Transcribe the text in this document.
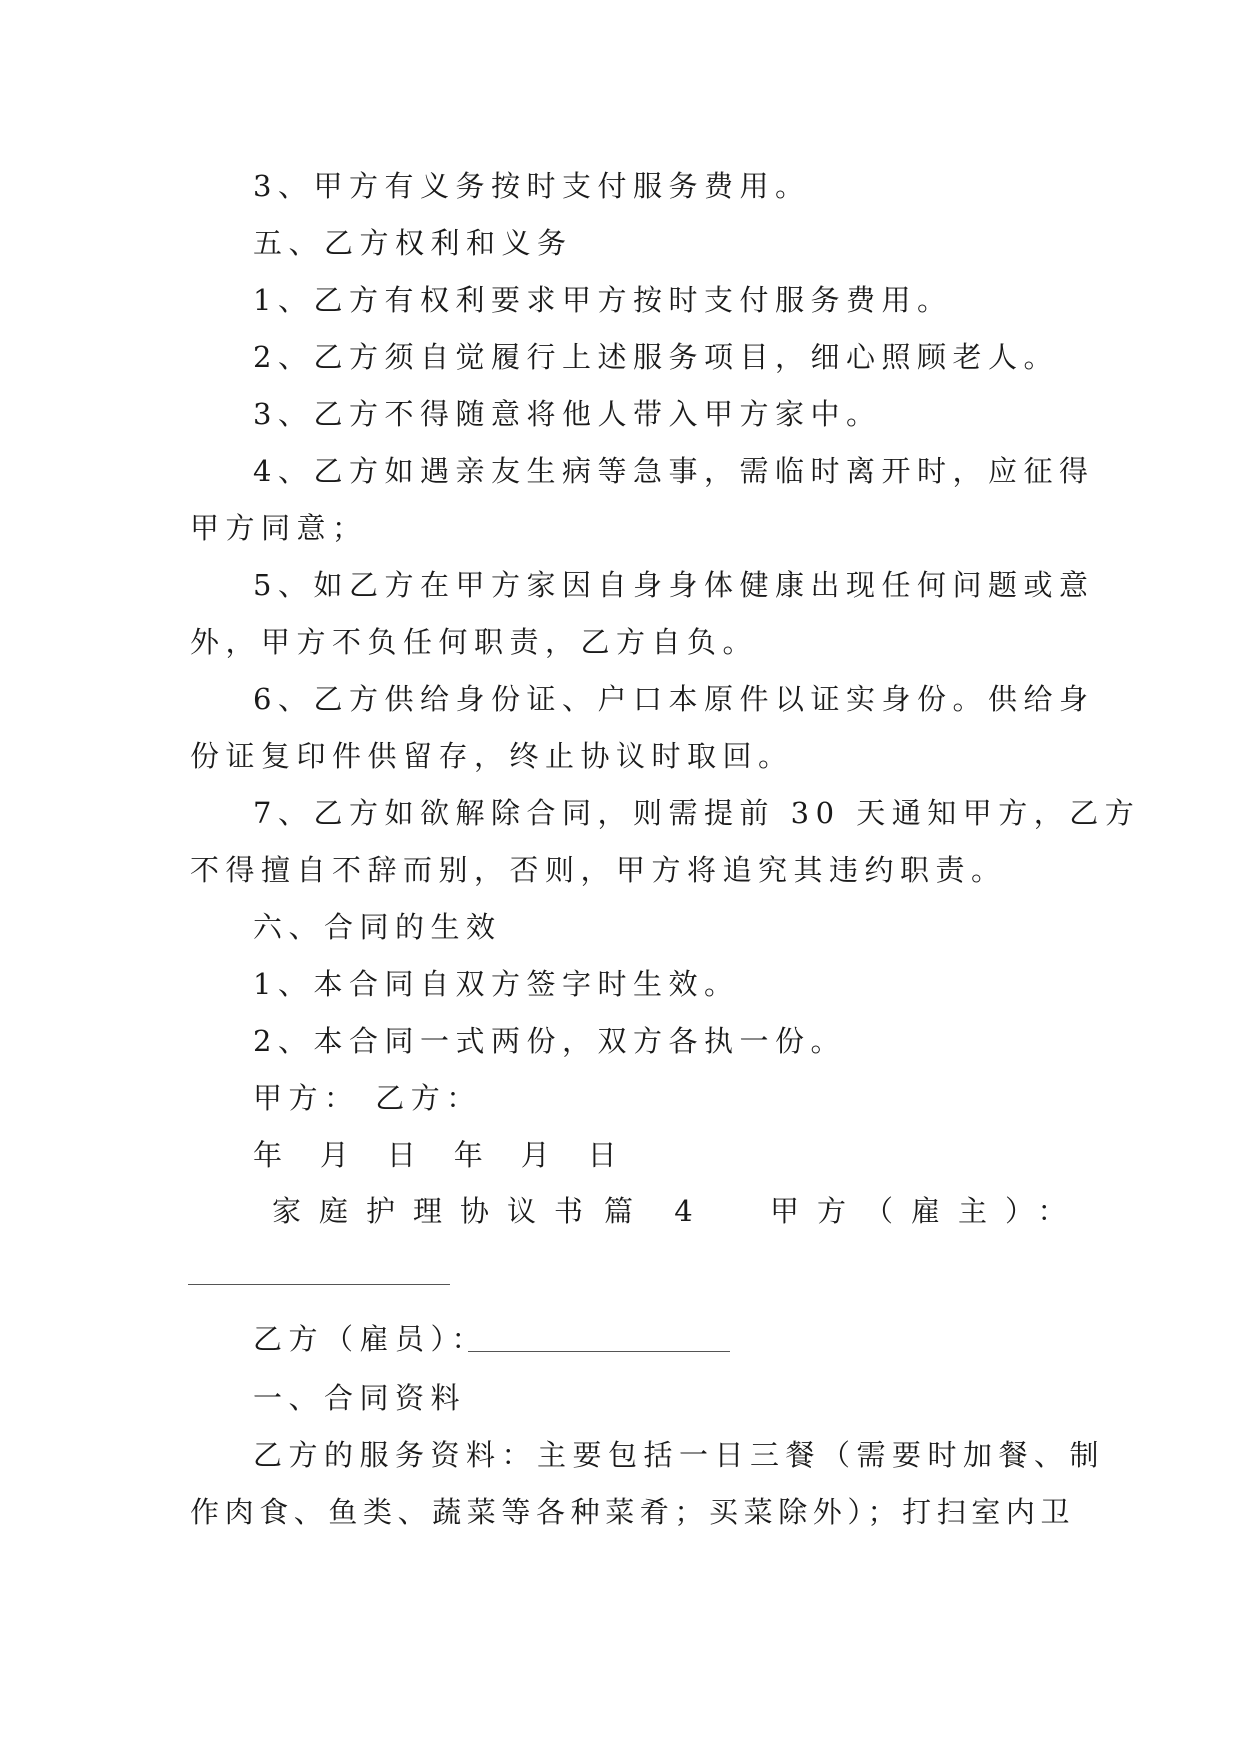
3、甲方有义务按时支付服务费用。
五、乙方权利和义务
1、乙方有权利要求甲方按时支付服务费用。
2、乙方须自觉履行上述服务项目，细心照顾老人。
3、乙方不得随意将他人带入甲方家中。
4、乙方如遇亲友生病等急事，需临时离开时，应征得
甲方同意；
5、如乙方在甲方家因自身身体健康出现任何问题或意
外，甲方不负任何职责，乙方自负。
6、乙方供给身份证、户口本原件以证实身份。供给身
份证复印件供留存，终止协议时取回。
7、乙方如欲解除合同，则需提前 30 天通知甲方，乙方
不得擅自不辞而别，否则，甲方将追究其违约职责。
六、合同的生效
1、本合同自双方签字时生效。
2、本合同一式两份，双方各执一份。
甲方： 乙方：
年  月  日  年  月  日
家庭护理协议书 篇 4 甲方（雇主）：
乙方（雇员）：
一、合同资料
乙方的服务资料：主要包括一日三餐（需要时加餐、制
作肉食、鱼类、蔬菜等各种菜肴；买菜除外）；打扫室内卫
